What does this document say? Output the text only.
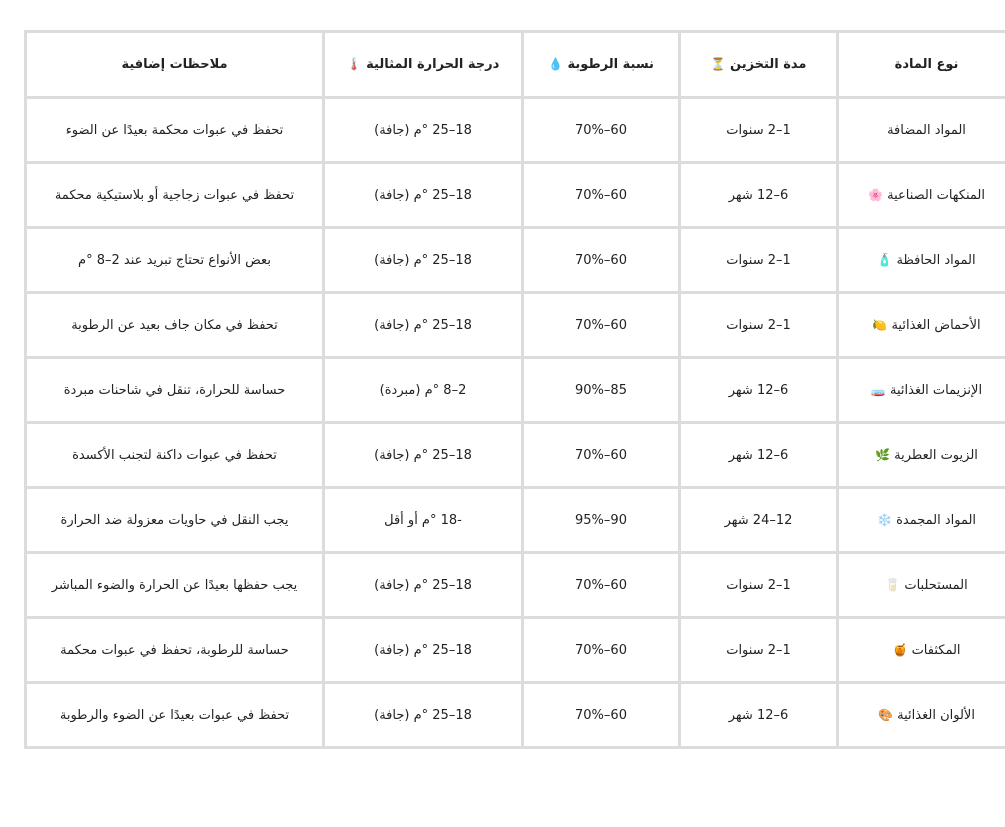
نوع المادة	مدة التخزين ⏳	نسبة الرطوبة 💧	درجة الحرارة المثالية 🌡️	ملاحظات إضافية
المواد المضافة	1–2 سنوات	60–70%	18–25 °م (جافة)	تحفظ في عبوات محكمة بعيدًا عن الضوء
المنكهات الصناعية 🌸	6–12 شهر	60–70%	18–25 °م (جافة)	تحفظ في عبوات زجاجية أو بلاستيكية محكمة
المواد الحافظة 🧴	1–2 سنوات	60–70%	18–25 °م (جافة)	بعض الأنواع تحتاج تبريد عند 2–8 °م
الأحماض الغذائية 🍋	1–2 سنوات	60–70%	18–25 °م (جافة)	تحفظ في مكان جاف بعيد عن الرطوبة
الإنزيمات الغذائية 🧫	6–12 شهر	85–90%	2–8 °م (مبردة)	حساسة للحرارة، تنقل في شاحنات مبردة
الزيوت العطرية 🌿	6–12 شهر	60–70%	18–25 °م (جافة)	تحفظ في عبوات داكنة لتجنب الأكسدة
المواد المجمدة ❄️	12–24 شهر	90–95%	-18 °م أو أقل	يجب النقل في حاويات معزولة ضد الحرارة
المستحلبات 🥛	1–2 سنوات	60–70%	18–25 °م (جافة)	يجب حفظها بعيدًا عن الحرارة والضوء المباشر
المكثفات 🍯	1–2 سنوات	60–70%	18–25 °م (جافة)	حساسة للرطوبة، تحفظ في عبوات محكمة
الألوان الغذائية 🎨	6–12 شهر	60–70%	18–25 °م (جافة)	تحفظ في عبوات بعيدًا عن الضوء والرطوبة
